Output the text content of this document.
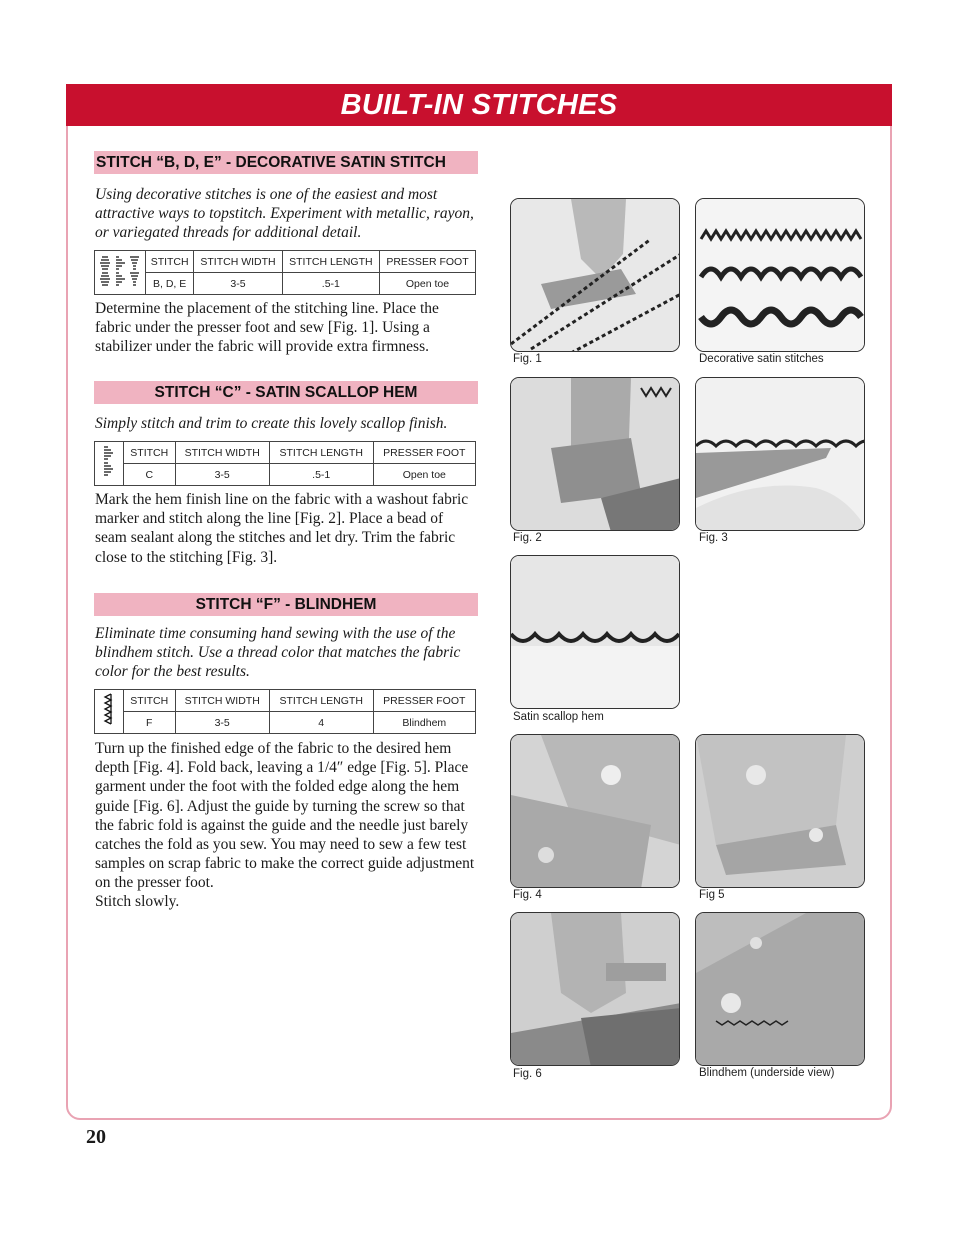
BUILT-IN STITCHES
STITCH “B, D, E” - DECORATIVE SATIN STITCH
Using decorative stitches is one of the easiest and most attractive ways to topstitch. Experiment with metallic, rayon, or variegated threads for additional detail.
	STITCH	STITCH WIDTH	STITCH LENGTH	PRESSER FOOT
	B, D, E	3-5	.5-1	Open toe
Determine the placement of the stitching line. Place the fabric under the presser foot and sew [Fig. 1]. Using a stabilizer under the fabric will provide extra firmness.
STITCH “C” - SATIN SCALLOP HEM
Simply stitch and trim to create this lovely scallop finish.
	STITCH	STITCH WIDTH	STITCH LENGTH	PRESSER FOOT
	C	3-5	.5-1	Open toe
Mark the hem finish line on the fabric with a washout fabric marker and stitch along the line [Fig. 2]. Place a bead of seam sealant along the stitches and let dry. Trim the fabric close to the stitching [Fig. 3].
STITCH “F” - BLINDHEM
Eliminate time consuming hand sewing with the use of the blindhem stitch. Use a thread color that matches the fabric color for the best results.
	STITCH	STITCH WIDTH	STITCH LENGTH	PRESSER FOOT
	F	3-5	4	Blindhem
Turn up the finished edge of the fabric to the desired hem depth [Fig. 4]. Fold back, leaving a 1/4″ edge [Fig. 5]. Place garment under the foot with the folded edge along the hem guide [Fig. 6]. Adjust the guide by turning the screw so that the fabric fold is against the guide and the needle just barely catches the fold as you sew. You may need to sew a few test samples on scrap fabric to make the correct guide adjustment on the presser foot.
Stitch slowly.
Fig. 1	Decorative satin stitches
Fig. 2	Fig. 3
Satin scallop hem
Fig. 4	Fig 5
Fig. 6	Blindhem (underside view)
20
